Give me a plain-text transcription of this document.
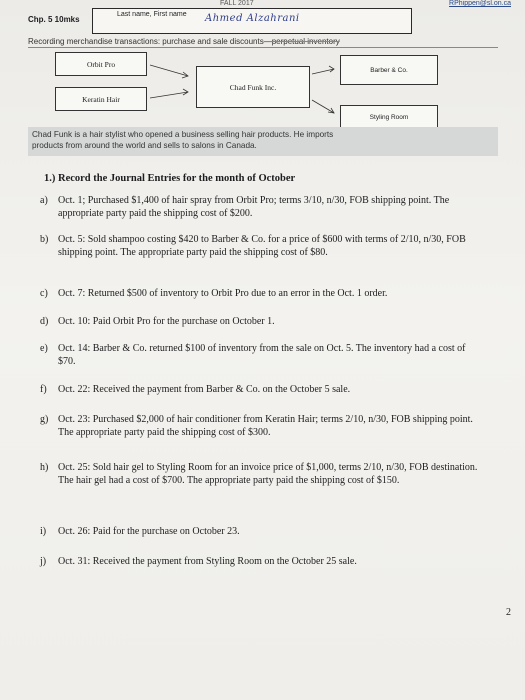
FALL 2017	RPhippen@sl.on.ca
Chp. 5 10mks
Last name, First name Ahmed Alzahrani
Recording merchandise transactions: purchase and sale discounts—perpetual inventory
Orbit Pro
Keratin Hair
Chad Funk Inc.
Barber & Co.
Styling Room
Chad Funk is a hair stylist who opened a business selling hair products. He imports
products from around the world and sells to salons in Canada.
1.) Record the Journal Entries for the month of October
a) Oct. 1; Purchased $1,400 of hair spray from Orbit Pro; terms 3/10, n/30, FOB shipping point. The appropriate party paid the shipping cost of $200.
b) Oct. 5: Sold shampoo costing $420 to Barber & Co. for a price of $600 with terms of 2/10, n/30, FOB shipping point. The appropriate party paid the shipping cost of $80.
c) Oct. 7: Returned $500 of inventory to Orbit Pro due to an error in the Oct. 1 order.
d) Oct. 10: Paid Orbit Pro for the purchase on October 1.
e) Oct. 14: Barber & Co. returned $100 of inventory from the sale on Oct. 5. The inventory had a cost of $70.
f) Oct. 22: Received the payment from Barber & Co. on the October 5 sale.
g) Oct. 23: Purchased $2,000 of hair conditioner from Keratin Hair; terms 2/10, n/30, FOB shipping point. The appropriate party paid the shipping cost of $300.
h) Oct. 25: Sold hair gel to Styling Room for an invoice price of $1,000, terms 2/10, n/30, FOB destination. The hair gel had a cost of $700. The appropriate party paid the shipping cost of $150.
i) Oct. 26: Paid for the purchase on October 23.
j) Oct. 31: Received the payment from Styling Room on the October 25 sale.
2
